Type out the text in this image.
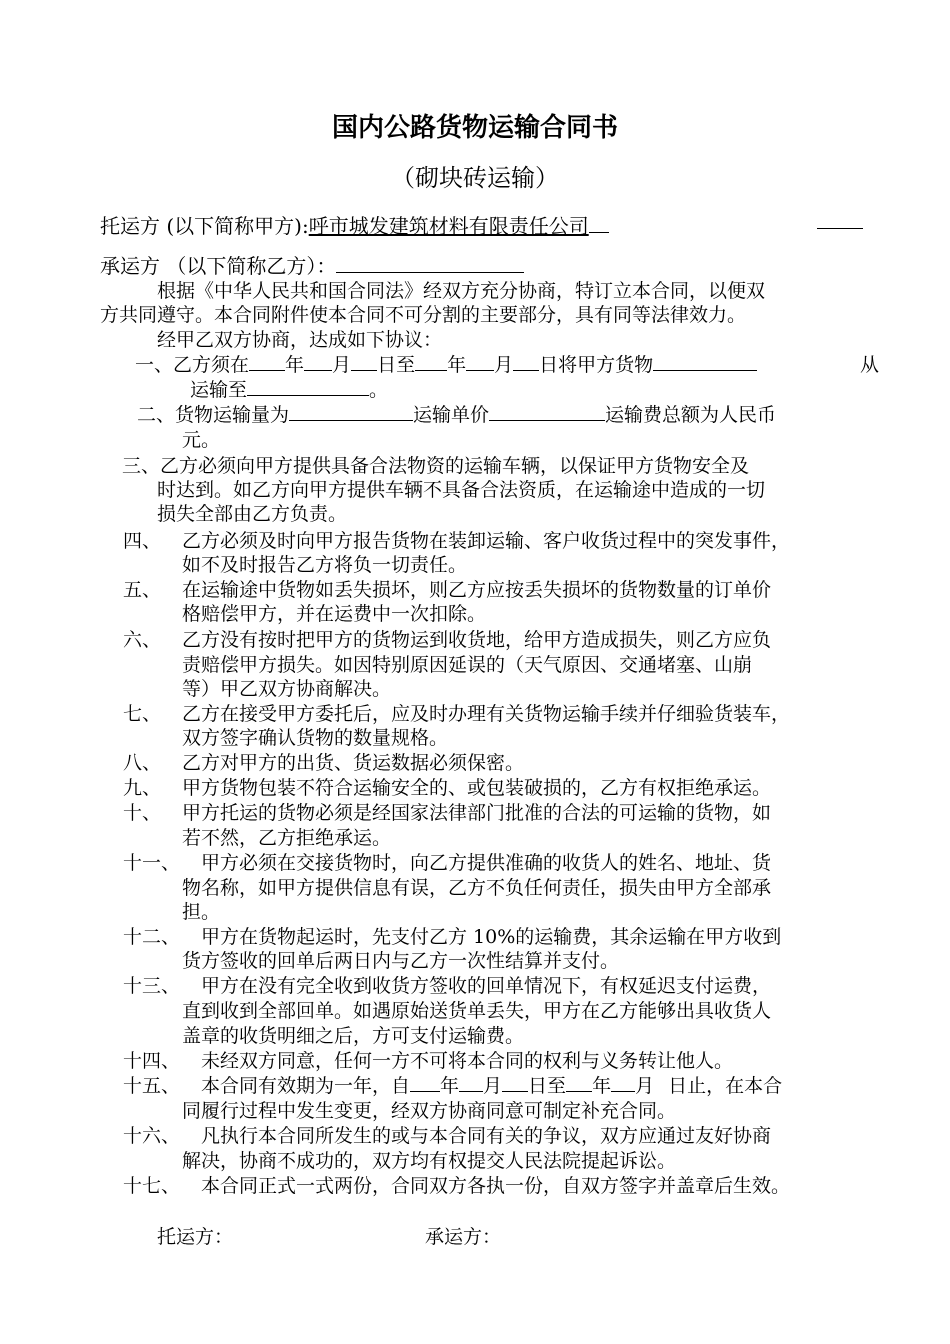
国内公路货物运输合同书
（砌块砖运输）
托运方 (以下简称甲方):呼市城发建筑材料有限责任公司
承运方 （以下简称乙方）：
根据《中华人民共和国合同法》经双方充分协商，特订立本合同，以便双
方共同遵守。本合同附件使本合同不可分割的主要部分，具有同等法律效力。
经甲乙双方协商，达成如下协议：
一、乙方须在 年 月 日至 年 月 日将甲方货物	从
运输至	。
二、货物运输量为	运输单价	运输费总额为人民币
元。
三、乙方必须向甲方提供具备合法物资的运输车辆，以保证甲方货物安全及
时达到。如乙方向甲方提供车辆不具备合法资质，在运输途中造成的一切
损失全部由乙方负责。
四、 乙方必须及时向甲方报告货物在装卸运输、客户收货过程中的突发事件，
如不及时报告乙方将负一切责任。
五、 在运输途中货物如丢失损坏，则乙方应按丢失损坏的货物数量的订单价
格赔偿甲方，并在运费中一次扣除。
六、 乙方没有按时把甲方的货物运到收货地，给甲方造成损失，则乙方应负
责赔偿甲方损失。如因特别原因延误的（天气原因、交通堵塞、山崩
等）甲乙双方协商解决。
七、 乙方在接受甲方委托后，应及时办理有关货物运输手续并仔细验货装车，
双方签字确认货物的数量规格。
八、 乙方对甲方的出货、货运数据必须保密。
九、 甲方货物包装不符合运输安全的、或包装破损的，乙方有权拒绝承运。
十、 甲方托运的货物必须是经国家法律部门批准的合法的可运输的货物，如
若不然，乙方拒绝承运。
十一、 甲方必须在交接货物时，向乙方提供准确的收货人的姓名、地址、货
物名称，如甲方提供信息有误，乙方不负任何责任，损失由甲方全部承
担。
十二、 甲方在货物起运时，先支付乙方 10%的运输费，其余运输在甲方收到
货方签收的回单后两日内与乙方一次性结算并支付。
十三、 甲方在没有完全收到收货方签收的回单情况下，有权延迟支付运费，
直到收到全部回单。如遇原始送货单丢失，甲方在乙方能够出具收货人
盖章的收货明细之后，方可支付运输费。
十四、 未经双方同意，任何一方不可将本合同的权利与义务转让他人。
十五、 本合同有效期为一年，自 年 月 日至 年 月 日止，在本合
同履行过程中发生变更，经双方协商同意可制定补充合同。
十六、 凡执行本合同所发生的或与本合同有关的争议，双方应通过友好协商
解决，协商不成功的，双方均有权提交人民法院提起诉讼。
十七、 本合同正式一式两份，合同双方各执一份，自双方签字并盖章后生效。
托运方：	承运方：
